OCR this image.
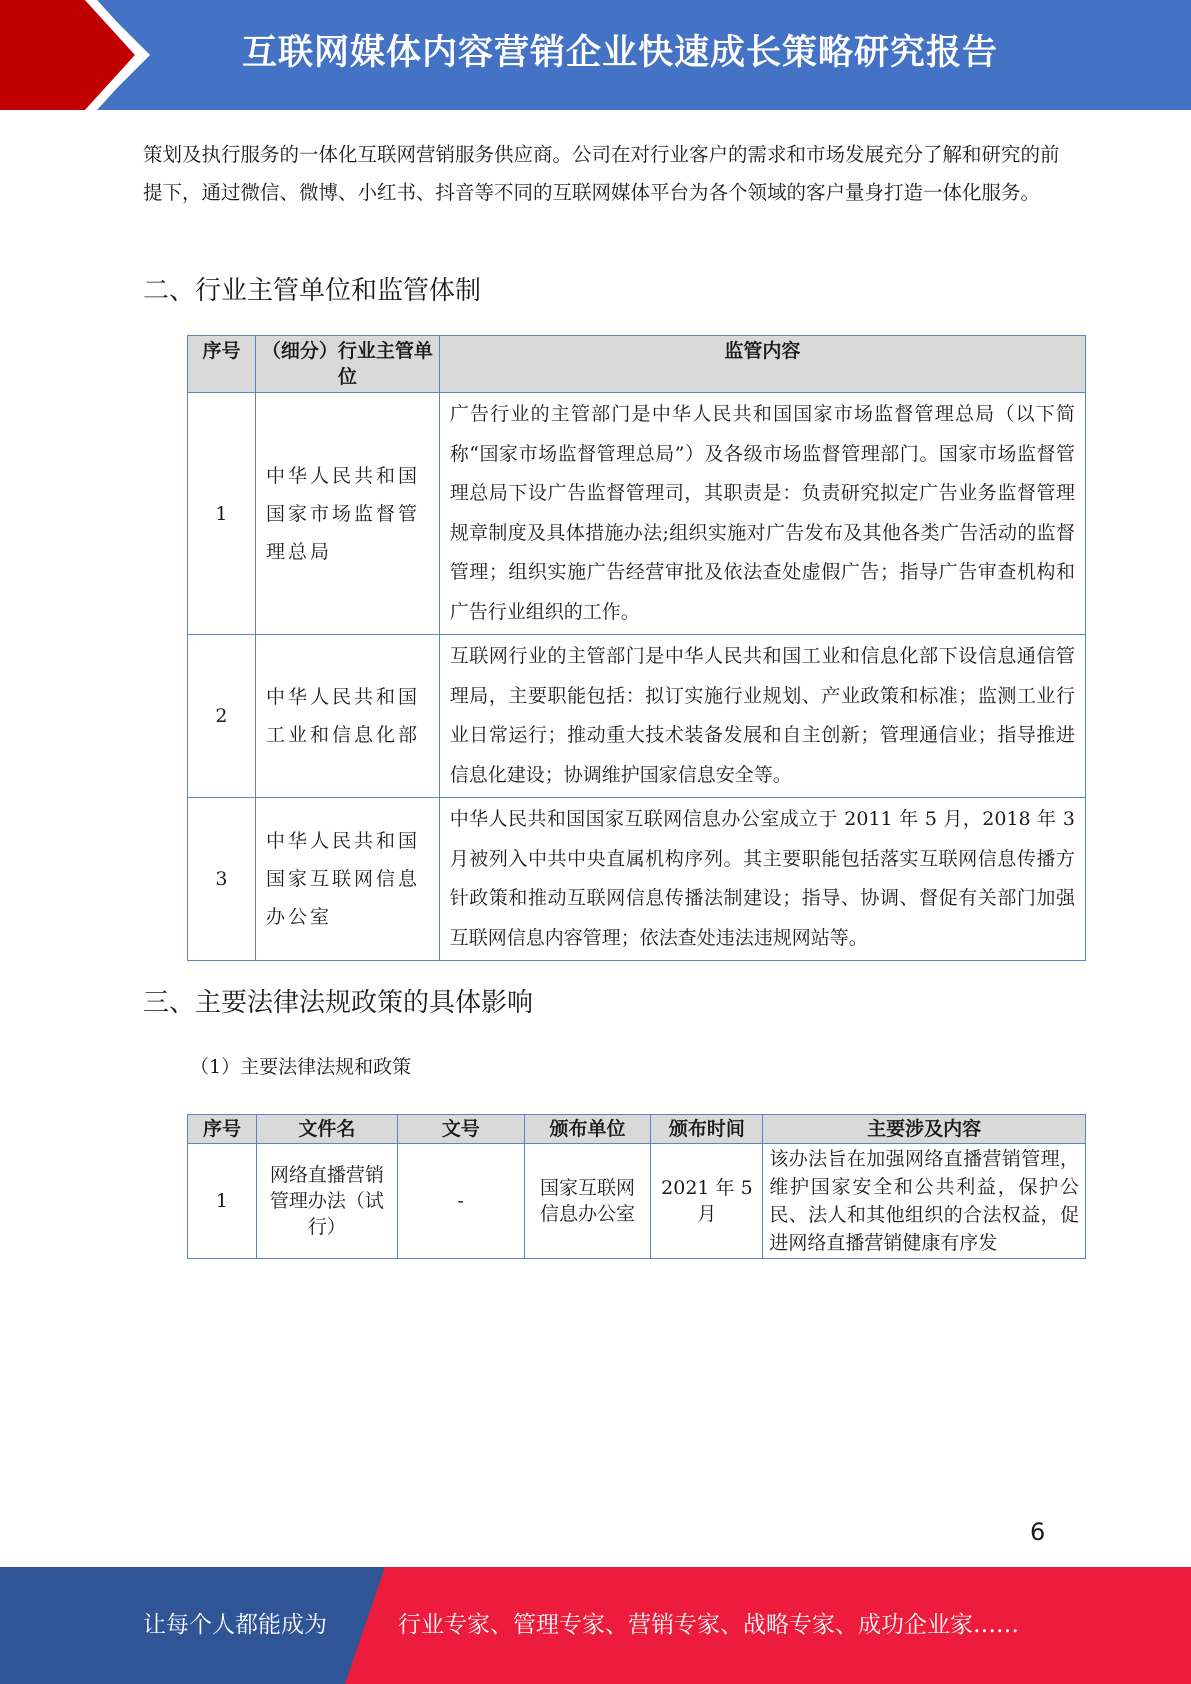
互联网媒体内容营销企业快速成长策略研究报告

策划及执行服务的一体化互联网营销服务供应商。公司在对行业客户的需求和市场发展充分了解和研究的前提下，通过微信、微博、小红书、抖音等不同的互联网媒体平台为各个领域的客户量身打造一体化服务。

二、行业主管单位和监管体制
序号	（细分）行业主管单位	监管内容
1	中华人民共和国国家市场监督管理总局	广告行业的主管部门是中华人民共和国国家市场监督管理总局（以下简称“国家市场监督管理总局”）及各级市场监督管理部门。国家市场监督管理总局下设广告监督管理司，其职责是：负责研究拟定广告业务监督管理规章制度及具体措施办法;组织实施对广告发布及其他各类广告活动的监督管理；组织实施广告经营审批及依法查处虚假广告；指导广告审查机构和广告行业组织的工作。
2	中华人民共和国工业和信息化部	互联网行业的主管部门是中华人民共和国工业和信息化部下设信息通信管理局，主要职能包括：拟订实施行业规划、产业政策和标准；监测工业行业日常运行；推动重大技术装备发展和自主创新；管理通信业；指导推进信息化建设；协调维护国家信息安全等。
3	中华人民共和国国家互联网信息办公室	中华人民共和国国家互联网信息办公室成立于 2011 年 5 月，2018 年 3 月被列入中共中央直属机构序列。其主要职能包括落实互联网信息传播方针政策和推动互联网信息传播法制建设；指导、协调、督促有关部门加强互联网信息内容管理；依法查处违法违规网站等。
三、主要法律法规政策的具体影响

（1）主要法律法规和政策

序号	文件名	文号	颁布单位	颁布时间	主要涉及内容
1	网络直播营销管理办法（试行）	-	国家互联网信息办公室	2021 年 5 月	该办法旨在加强网络直播营销管理，维护国家安全和公共利益，保护公民、法人和其他组织的合法权益，促进网络直播营销健康有序发
6
让每个人都能成为	行业专家、管理专家、营销专家、战略专家、成功企业家……
